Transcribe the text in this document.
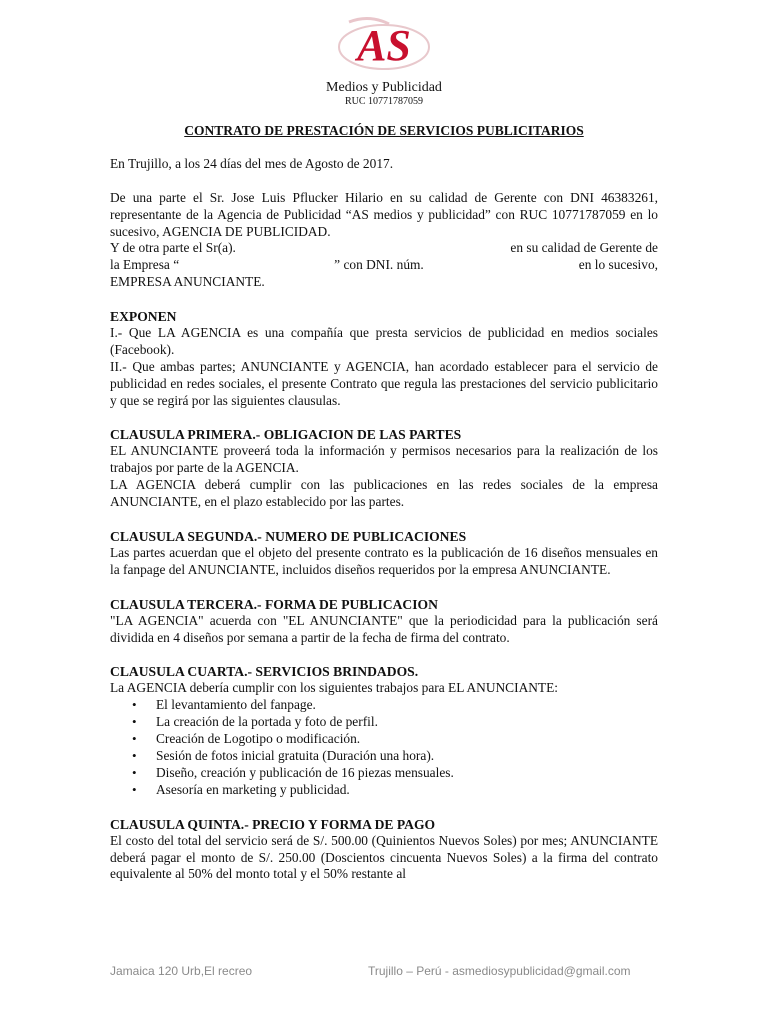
AS
Medios y Publicidad
RUC 10771787059
CONTRATO DE PRESTACIÓN DE SERVICIOS PUBLICITARIOS

En Trujillo, a los 24 días del mes de Agosto de 2017.

De una parte el Sr. Jose Luis Pflucker Hilario en su calidad de Gerente con DNI 46383261, representante de la Agencia de Publicidad “AS medios y publicidad” con RUC 10771787059 en lo sucesivo, AGENCIA DE PUBLICIDAD.

Y de otra parte el Sr(a).	en su calidad de Gerente de
la Empresa “	” con DNI. núm.	en lo sucesivo,

EMPRESA ANUNCIANTE.

EXPONEN

I.- Que LA AGENCIA es una compañía que presta servicios de publicidad en medios sociales (Facebook).

II.- Que ambas partes; ANUNCIANTE y AGENCIA, han acordado establecer para el servicio de publicidad en redes sociales, el presente Contrato que regula las prestaciones del servicio publicitario y que se regirá por las siguientes clausulas.

CLAUSULA PRIMERA.- OBLIGACION DE LAS PARTES

EL ANUNCIANTE proveerá toda la información y permisos necesarios para la realización de los trabajos por parte de la AGENCIA.

LA AGENCIA deberá cumplir con las publicaciones en las redes sociales de la empresa ANUNCIANTE, en el plazo establecido por las partes.

CLAUSULA SEGUNDA.- NUMERO DE PUBLICACIONES

Las partes acuerdan que el objeto del presente contrato es la publicación de 16 diseños mensuales en la fanpage del ANUNCIANTE, incluidos diseños requeridos por la empresa ANUNCIANTE.

CLAUSULA TERCERA.- FORMA DE PUBLICACION

"LA AGENCIA" acuerda con "EL ANUNCIANTE" que la periodicidad para la publicación será dividida en 4 diseños por semana a partir de la fecha de firma del contrato.

CLAUSULA CUARTA.- SERVICIOS BRINDADOS.

La AGENCIA debería cumplir con los siguientes trabajos para EL ANUNCIANTE:

• El levantamiento del fanpage.
• La creación de la portada y foto de perfil.
• Creación de Logotipo o modificación.
• Sesión de fotos inicial gratuita (Duración una hora).
• Diseño, creación y publicación de 16 piezas mensuales.
• Asesoría en marketing y publicidad.
CLAUSULA QUINTA.- PRECIO Y FORMA DE PAGO

El costo del total del servicio será de S/. 500.00 (Quinientos Nuevos Soles) por mes; ANUNCIANTE deberá pagar el monto de S/. 250.00 (Doscientos cincuenta Nuevos Soles) a la firma del contrato equivalente al 50% del monto total y el 50% restante al

Jamaica 120 Urb,El recreo	Trujillo – Perú - asmediosypublicidad@gmail.com
